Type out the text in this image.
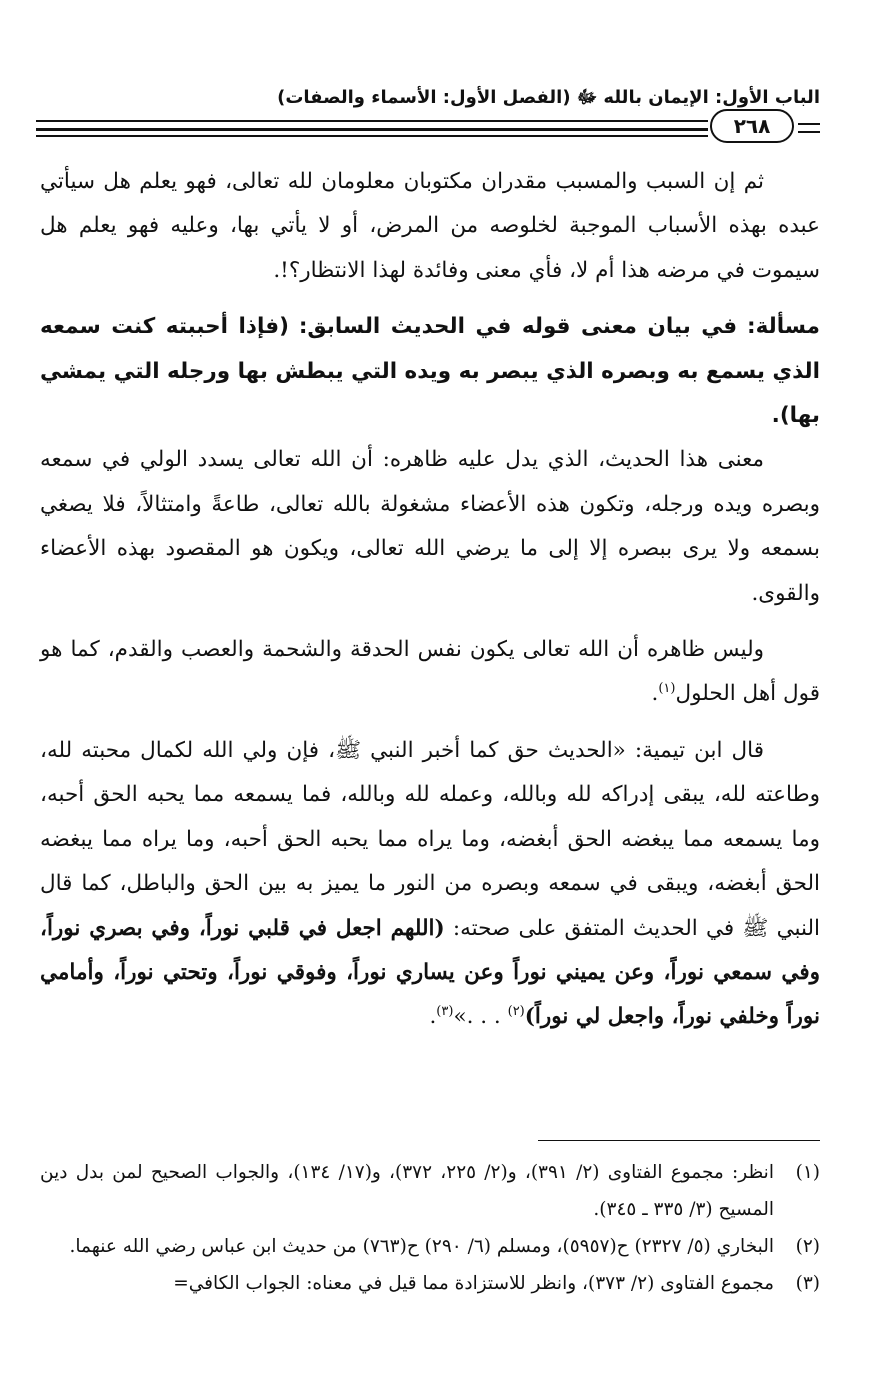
الباب الأول: الإيمان بالله ﷻ (الفصل الأول: الأسماء والصفات)
٢٦٨

ثم إن السبب والمسبب مقدران مكتوبان معلومان لله تعالى، فهو يعلم هل سيأتي عبده بهذه الأسباب الموجبة لخلوصه من المرض، أو لا يأتي بها، وعليه فهو يعلم هل سيموت في مرضه هذا أم لا، فأي معنى وفائدة لهذا الانتظار؟!.

مسألة: في بيان معنى قوله في الحديث السابق: (فإذا أحببته كنت سمعه الذي يسمع به وبصره الذي يبصر به ويده التي يبطش بها ورجله التي يمشي بها).

معنى هذا الحديث، الذي يدل عليه ظاهره: أن الله تعالى يسدد الولي في سمعه وبصره ويده ورجله، وتكون هذه الأعضاء مشغولة بالله تعالى، طاعةً وامتثالاً، فلا يصغي بسمعه ولا يرى ببصره إلا إلى ما يرضي الله تعالى، ويكون هو المقصود بهذه الأعضاء والقوى.

وليس ظاهره أن الله تعالى يكون نفس الحدقة والشحمة والعصب والقدم، كما هو قول أهل الحلول$^{(١)}$.

قال ابن تيمية: «الحديث حق كما أخبر النبي ﷺ، فإن ولي الله لكمال محبته لله، وطاعته لله، يبقى إدراكه لله وبالله، وعمله لله وبالله، فما يسمعه مما يحبه الحق أحبه، وما يسمعه مما يبغضه الحق أبغضه، وما يراه مما يحبه الحق أحبه، وما يراه مما يبغضه الحق أبغضه، ويبقى في سمعه وبصره من النور ما يميز به بين الحق والباطل، كما قال النبي ﷺ في الحديث المتفق على صحته: (اللهم اجعل في قلبي نوراً، وفي بصري نوراً، وفي سمعي نوراً، وعن يميني نوراً وعن يساري نوراً، وفوقي نوراً، وتحتي نوراً، وأمامي نوراً وخلفي نوراً، واجعل لي نوراً)$^{(٢)}$ . . .»$^{(٣)}$.

(١)
انظر: مجموع الفتاوى (٢/ ٣٩١)، و(٢/ ٢٢٥، ٣٧٢)، و(١٧/ ١٣٤)، والجواب الصحيح لمن بدل دين المسيح (٣/ ٣٣٥ ـ ٣٤٥).

(٢)
البخاري (٥/ ٢٣٢٧) ح(٥٩٥٧)، ومسلم (٦/ ٢٩٠) ح(٧٦٣) من حديث ابن عباس رضي الله عنهما.

(٣)
مجموع الفتاوى (٢/ ٣٧٣)، وانظر للاستزادة مما قيل في معناه: الجواب الكافي=
